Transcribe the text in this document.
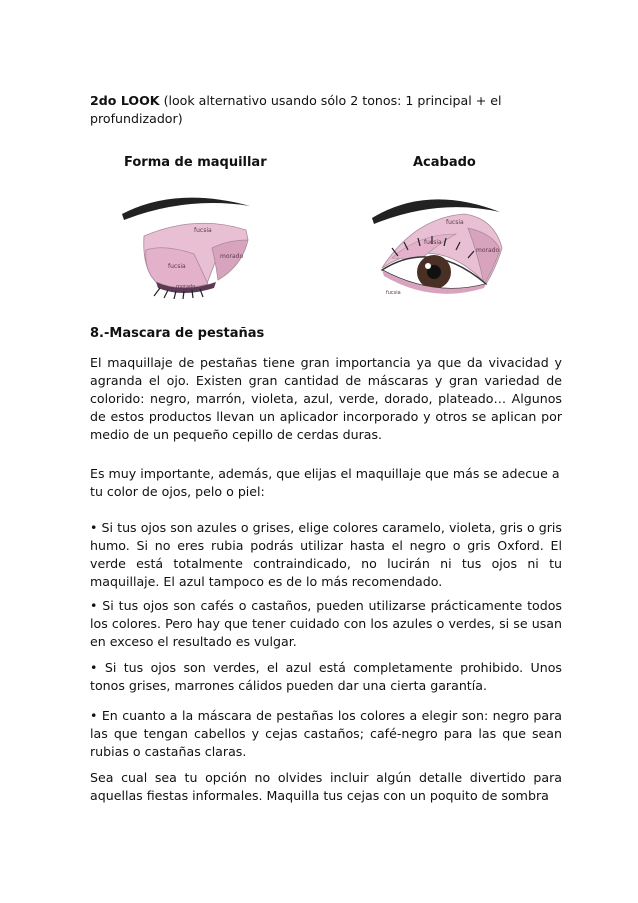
2do LOOK (look alternativo usando sólo 2 tonos: 1 principal + el profundizador)

Forma de maquillar	Acabado
fucsia
fucsia
morado
morado
fucsia
morado
fucsia
fucsia
8.-Mascara de pestañas

El maquillaje de pestañas tiene gran importancia ya que da vivacidad y agranda el ojo. Existen gran cantidad de máscaras y gran variedad de colorido: negro, marrón, violeta, azul, verde, dorado, plateado… Algunos de estos productos llevan un aplicador incorporado y otros se aplican por medio de un pequeño cepillo de cerdas duras.

Es muy importante, además, que elijas el maquillaje que más se adecue a tu color de ojos, pelo o piel:

• Si tus ojos son azules o grises, elige colores caramelo, violeta, gris o gris humo. Si no eres rubia podrás utilizar hasta el negro o gris Oxford. El verde está totalmente contraindicado, no lucirán ni tus ojos ni tu maquillaje. El azul tampoco es de lo más recomendado.

• Si tus ojos son cafés o castaños, pueden utilizarse prácticamente todos los colores. Pero hay que tener cuidado con los azules o verdes, si se usan en exceso el resultado es vulgar.

• Si tus ojos son verdes, el azul está completamente prohibido. Unos tonos grises, marrones cálidos pueden dar una cierta garantía.

• En cuanto a la máscara de pestañas los colores a elegir son: negro para las que tengan cabellos y cejas castaños; café-negro para las que sean rubias o castañas claras.

Sea cual sea tu opción no olvides incluir algún detalle divertido para aquellas fiestas informales. Maquilla tus cejas con un poquito de sombra
